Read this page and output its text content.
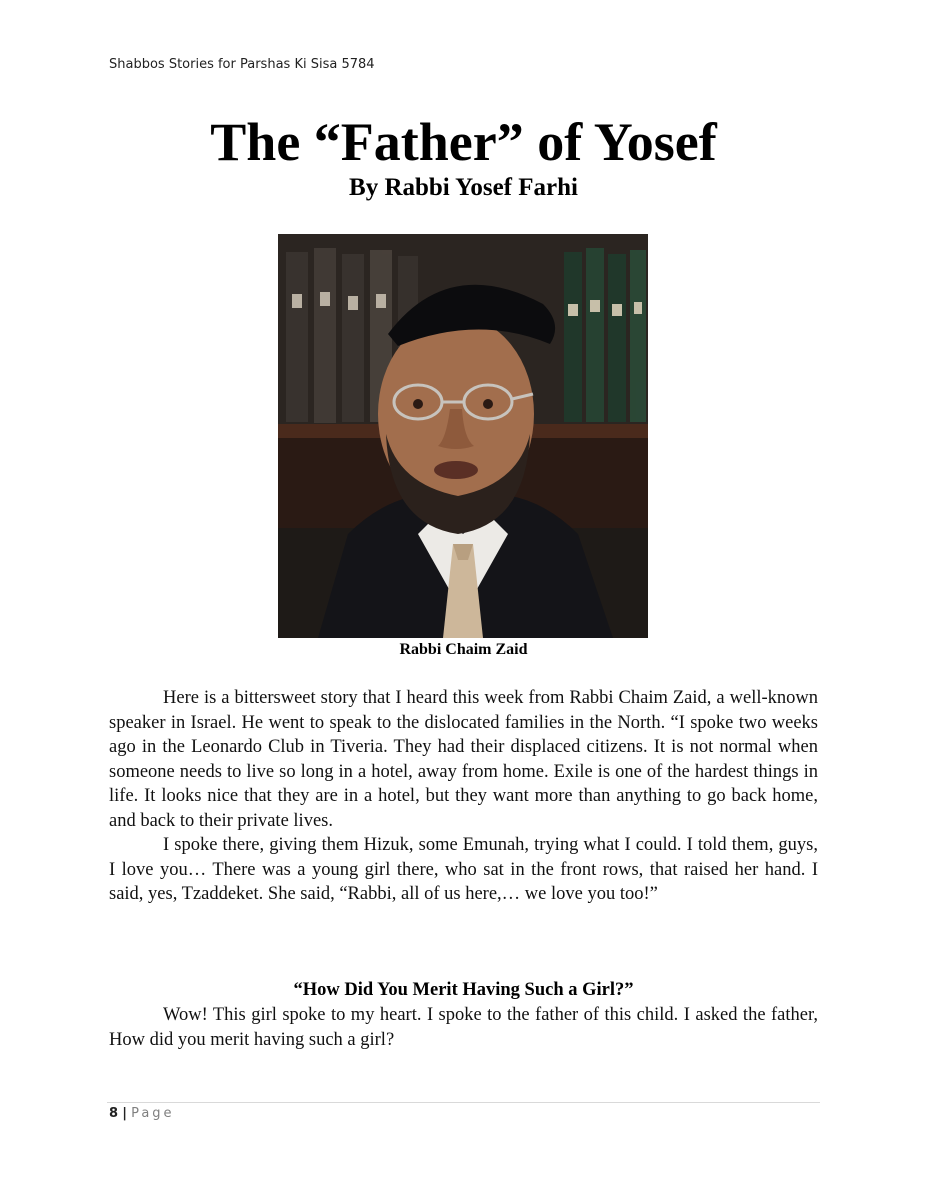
Shabbos Stories for Parshas Ki Sisa 5784
The “Father” of Yosef
By Rabbi Yosef Farhi
Rabbi Chaim Zaid

Here is a bittersweet story that I heard this week from Rabbi Chaim Zaid, a well-known speaker in Israel. He went to speak to the dislocated families in the North. “I spoke two weeks ago in the Leonardo Club in Tiveria. They had their displaced citizens. It is not normal when someone needs to live so long in a hotel, away from home. Exile is one of the hardest things in life. It looks nice that they are in a hotel, but they want more than anything to go back home, and back to their private lives.

I spoke there, giving them Hizuk, some Emunah, trying what I could. I told them, guys, I love you… There was a young girl there, who sat in the front rows, that raised her hand. I said, yes, Tzaddeket. She said, “Rabbi, all of us here,… we love you too!”

“How Did You Merit Having Such a Girl?”

Wow! This girl spoke to my heart. I spoke to the father of this child. I asked the father, How did you merit having such a girl?

8 | Page
